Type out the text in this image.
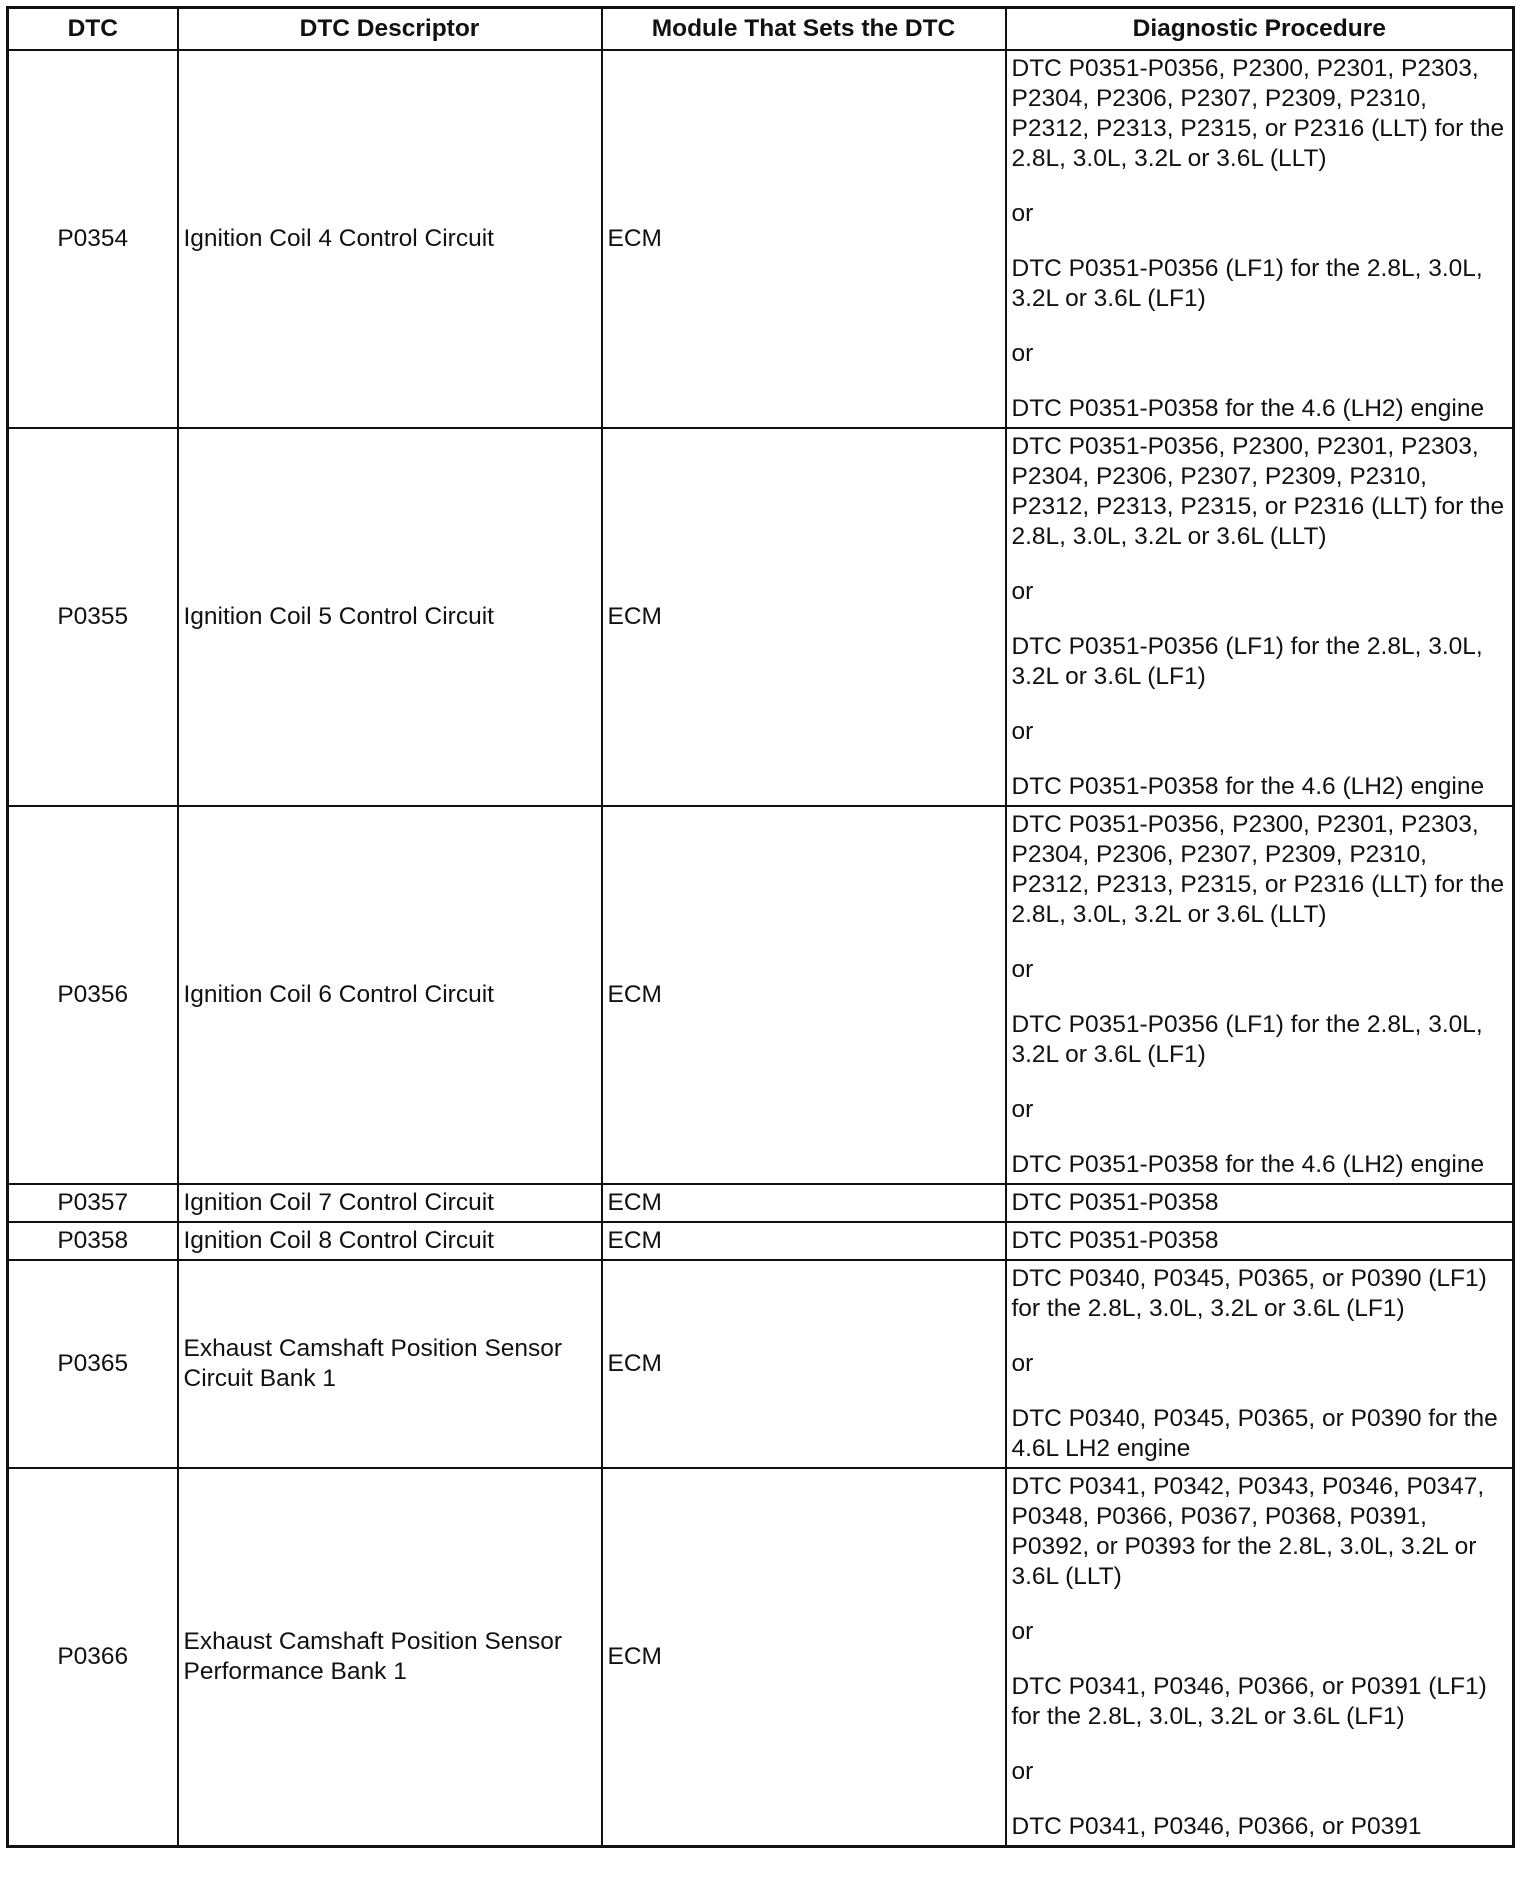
DTC	DTC Descriptor	Module That Sets the DTC	Diagnostic Procedure
P0354	Ignition Coil 4 Control Circuit	ECM	DTC P0351-P0356, P2300, P2301, P2303, P2304, P2306, P2307, P2309, P2310, P2312, P2313, P2315, or P2316 (LLT) for the 2.8L, 3.0L, 3.2L or 3.6L (LLT)
or
DTC P0351-P0356 (LF1) for the 2.8L, 3.0L, 3.2L or 3.6L (LF1)
or
DTC P0351-P0358 for the 4.6 (LH2) engine

P0355	Ignition Coil 5 Control Circuit	ECM	DTC P0351-P0356, P2300, P2301, P2303, P2304, P2306, P2307, P2309, P2310, P2312, P2313, P2315, or P2316 (LLT) for the 2.8L, 3.0L, 3.2L or 3.6L (LLT)
or
DTC P0351-P0356 (LF1) for the 2.8L, 3.0L, 3.2L or 3.6L (LF1)
or
DTC P0351-P0358 for the 4.6 (LH2) engine

P0356	Ignition Coil 6 Control Circuit	ECM	DTC P0351-P0356, P2300, P2301, P2303, P2304, P2306, P2307, P2309, P2310, P2312, P2313, P2315, or P2316 (LLT) for the 2.8L, 3.0L, 3.2L or 3.6L (LLT)
or
DTC P0351-P0356 (LF1) for the 2.8L, 3.0L, 3.2L or 3.6L (LF1)
or
DTC P0351-P0358 for the 4.6 (LH2) engine

P0357	Ignition Coil 7 Control Circuit	ECM	DTC P0351-P0358

P0358	Ignition Coil 8 Control Circuit	ECM	DTC P0351-P0358

P0365	Exhaust Camshaft Position Sensor Circuit Bank 1	ECM	DTC P0340, P0345, P0365, or P0390 (LF1) for the 2.8L, 3.0L, 3.2L or 3.6L (LF1)
or
DTC P0340, P0345, P0365, or P0390 for the 4.6L LH2 engine

P0366	Exhaust Camshaft Position Sensor Performance Bank 1	ECM	DTC P0341, P0342, P0343, P0346, P0347, P0348, P0366, P0367, P0368, P0391, P0392, or P0393 for the 2.8L, 3.0L, 3.2L or 3.6L (LLT)
or
DTC P0341, P0346, P0366, or P0391 (LF1) for the 2.8L, 3.0L, 3.2L or 3.6L (LF1)
or
DTC P0341, P0346, P0366, or P0391
